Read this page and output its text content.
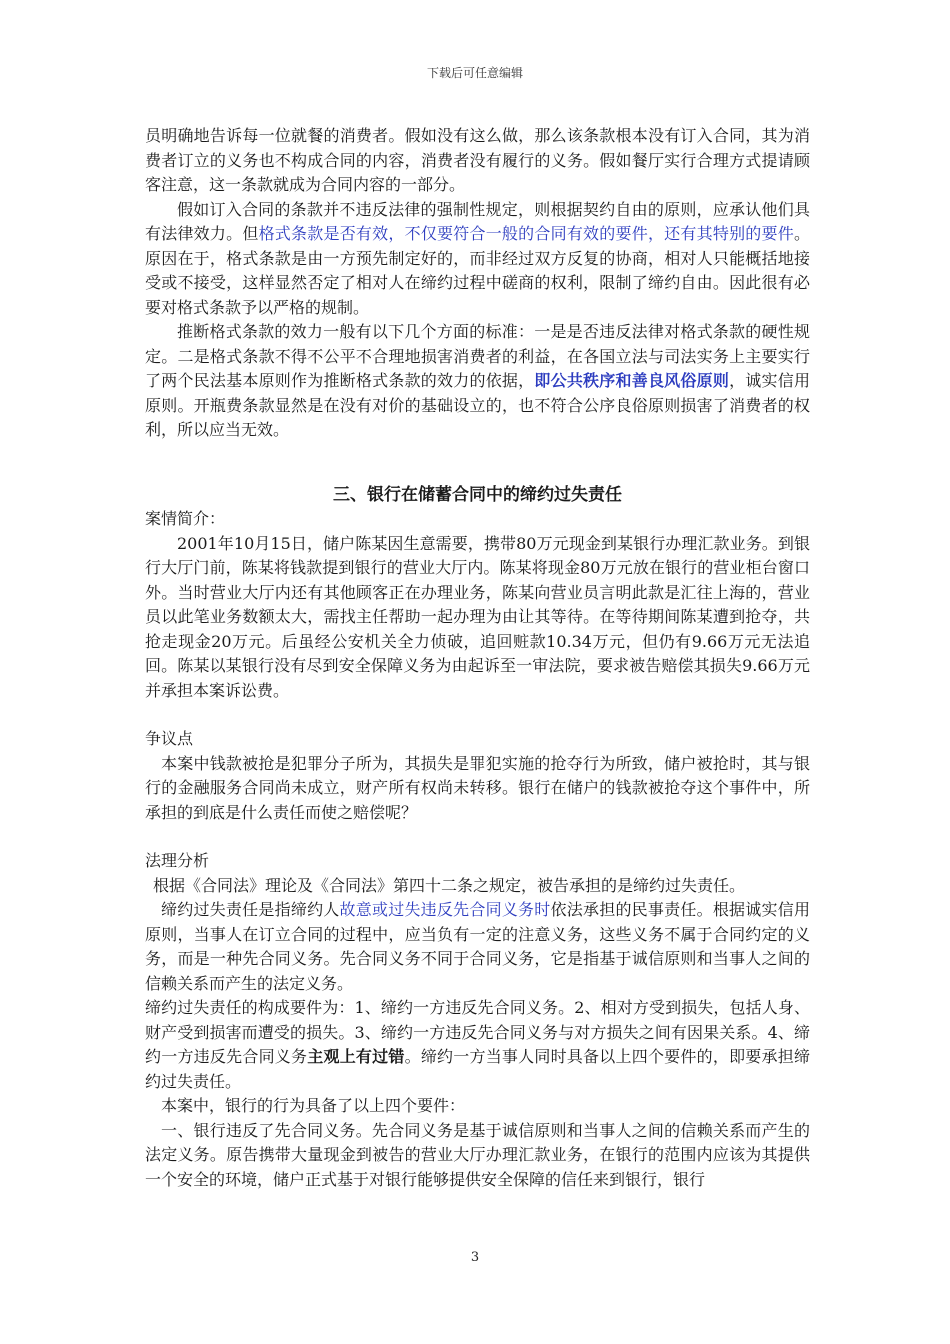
下载后可任意编辑

员明确地告诉每一位就餐的消费者。假如没有这么做，那么该条款根本没有订入合同，其为消费者订立的义务也不构成合同的内容，消费者没有履行的义务。假如餐厅实行合理方式提请顾客注意，这一条款就成为合同内容的一部分。

假如订入合同的条款并不违反法律的强制性规定，则根据契约自由的原则，应承认他们具有法律效力。但格式条款是否有效，不仅要符合一般的合同有效的要件，还有其特别的要件。原因在于，格式条款是由一方预先制定好的，而非经过双方反复的协商，相对人只能概括地接受或不接受，这样显然否定了相对人在缔约过程中磋商的权利，限制了缔约自由。因此很有必要对格式条款予以严格的规制。

推断格式条款的效力一般有以下几个方面的标准：一是是否违反法律对格式条款的硬性规定。二是格式条款不得不公平不合理地损害消费者的利益，在各国立法与司法实务上主要实行了两个民法基本原则作为推断格式条款的效力的依据，即公共秩序和善良风俗原则，诚实信用原则。开瓶费条款显然是在没有对价的基础设立的，也不符合公序良俗原则损害了消费者的权利，所以应当无效。

三、银行在储蓄合同中的缔约过失责任

案情简介：

2001年10月15日，储户陈某因生意需要，携带80万元现金到某银行办理汇款业务。到银行大厅门前，陈某将钱款提到银行的营业大厅内。陈某将现金80万元放在银行的营业柜台窗口外。当时营业大厅内还有其他顾客正在办理业务，陈某向营业员言明此款是汇往上海的，营业员以此笔业务数额太大，需找主任帮助一起办理为由让其等待。在等待期间陈某遭到抢夺，共抢走现金20万元。后虽经公安机关全力侦破，追回赃款10.34万元，但仍有9.66万元无法追回。陈某以某银行没有尽到安全保障义务为由起诉至一审法院，要求被告赔偿其损失9.66万元并承担本案诉讼费。

争议点

本案中钱款被抢是犯罪分子所为，其损失是罪犯实施的抢夺行为所致，储户被抢时，其与银行的金融服务合同尚未成立，财产所有权尚未转移。银行在储户的钱款被抢夺这个事件中，所承担的到底是什么责任而使之赔偿呢？

法理分析

根据《合同法》理论及《合同法》第四十二条之规定，被告承担的是缔约过失责任。

缔约过失责任是指缔约人故意或过失违反先合同义务时依法承担的民事责任。根据诚实信用原则，当事人在订立合同的过程中，应当负有一定的注意义务，这些义务不属于合同约定的义务，而是一种先合同义务。先合同义务不同于合同义务，它是指基于诚信原则和当事人之间的信赖关系而产生的法定义务。

缔约过失责任的构成要件为：1、缔约一方违反先合同义务。2、相对方受到损失，包括人身、财产受到损害而遭受的损失。3、缔约一方违反先合同义务与对方损失之间有因果关系。4、缔约一方违反先合同义务主观上有过错。缔约一方当事人同时具备以上四个要件的，即要承担缔约过失责任。

本案中，银行的行为具备了以上四个要件：

一、银行违反了先合同义务。先合同义务是基于诚信原则和当事人之间的信赖关系而产生的法定义务。原告携带大量现金到被告的营业大厅办理汇款业务，在银行的范围内应该为其提供一个安全的环境，储户正式基于对银行能够提供安全保障的信任来到银行，银行

3
